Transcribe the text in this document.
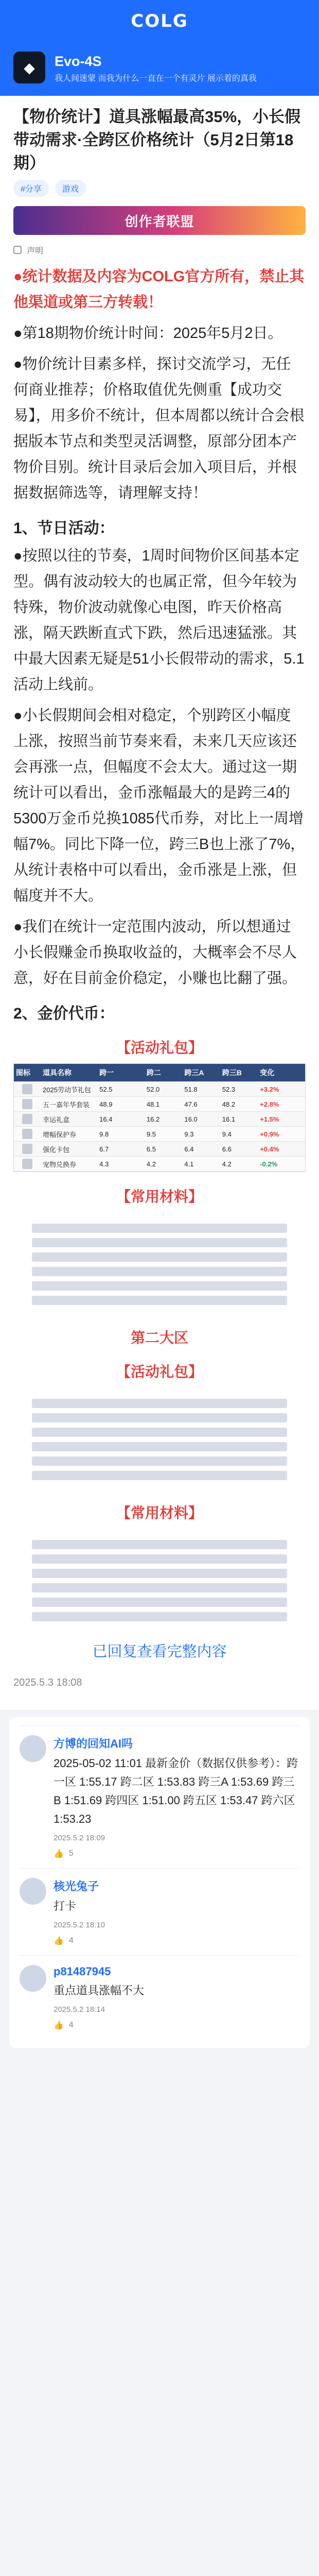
COLG
◆	Evo-4S
我人间迷蒙 而我为什么一直在一个有灵片 展示着的真我
【物价统计】道具涨幅最高35%，小长假带动需求·全跨区价格统计（5月2日第18期）
#分享	游戏
创作者联盟
声明
●统计数据及内容为COLG官方所有，禁止其他渠道或第三方转载！
●第18期物价统计时间：2025年5月2日。
●物价统计目素多样，探讨交流学习，无任何商业推荐；价格取值优先侧重【成功交易】，用多价不统计，但本周都以统计合会根据版本节点和类型灵活调整，原部分团本产物价目别。统计目录后会加入项目后，并根据数据筛选等，请理解支持！
1、节日活动：
●按照以往的节奏，1周时间物价区间基本定型。偶有波动较大的也属正常，但今年较为特殊，物价波动就像心电图，昨天价格高涨，隔天跌断直式下跌，然后迅速猛涨。其中最大因素无疑是51小长假带动的需求，5.1活动上线前。
●小长假期间会相对稳定，个别跨区小幅度上涨，按照当前节奏来看，未来几天应该还会再涨一点，但幅度不会太大。通过这一期统计可以看出，金币涨幅最大的是跨三4的5300万金币兑换1085代币券，对比上一周增幅7%。同比下降一位，跨三B也上涨了7%，从统计表格中可以看出，金币涨是上涨，但幅度并不大。
●我们在统计一定范围内波动，所以想通过小长假赚金币换取收益的，大概率会不尽人意，好在目前金价稳定，小赚也比翻了强。
2、金价代币：
【活动礼包】
图标	道具名称	跨一	跨二	跨三A	跨三B	变化
2025劳动节礼包	52.5	52.0	51.8	52.3	+3.2%
五一嘉年华套装	48.9	48.1	47.6	48.2	+2.8%
幸运礼盒	16.4	16.2	16.0	16.1	+1.5%
增幅保护券	9.8	9.5	9.3	9.4	+0.9%
强化卡包	6.7	6.5	6.4	6.6	+0.4%
宠物兑换券	4.3	4.2	4.1	4.2	-0.2%
【常用材料】
第二大区
【活动礼包】
【常用材料】
已回复查看完整内容
2025.5.3 18:08
方博的回知AI吗
2025-05-02 11:01 最新金价（数据仅供参考）：跨一区 1:55.17 跨二区 1:53.83 跨三A 1:53.69 跨三B 1:51.69 跨四区 1:51.00 跨五区 1:53.47 跨六区 1:53.23
2025.5.2 18:09
👍 5
核光兔子
打卡
2025.5.2 18:10
👍 4
p81487945
重点道具涨幅不大
2025.5.2 18:14
👍 4
